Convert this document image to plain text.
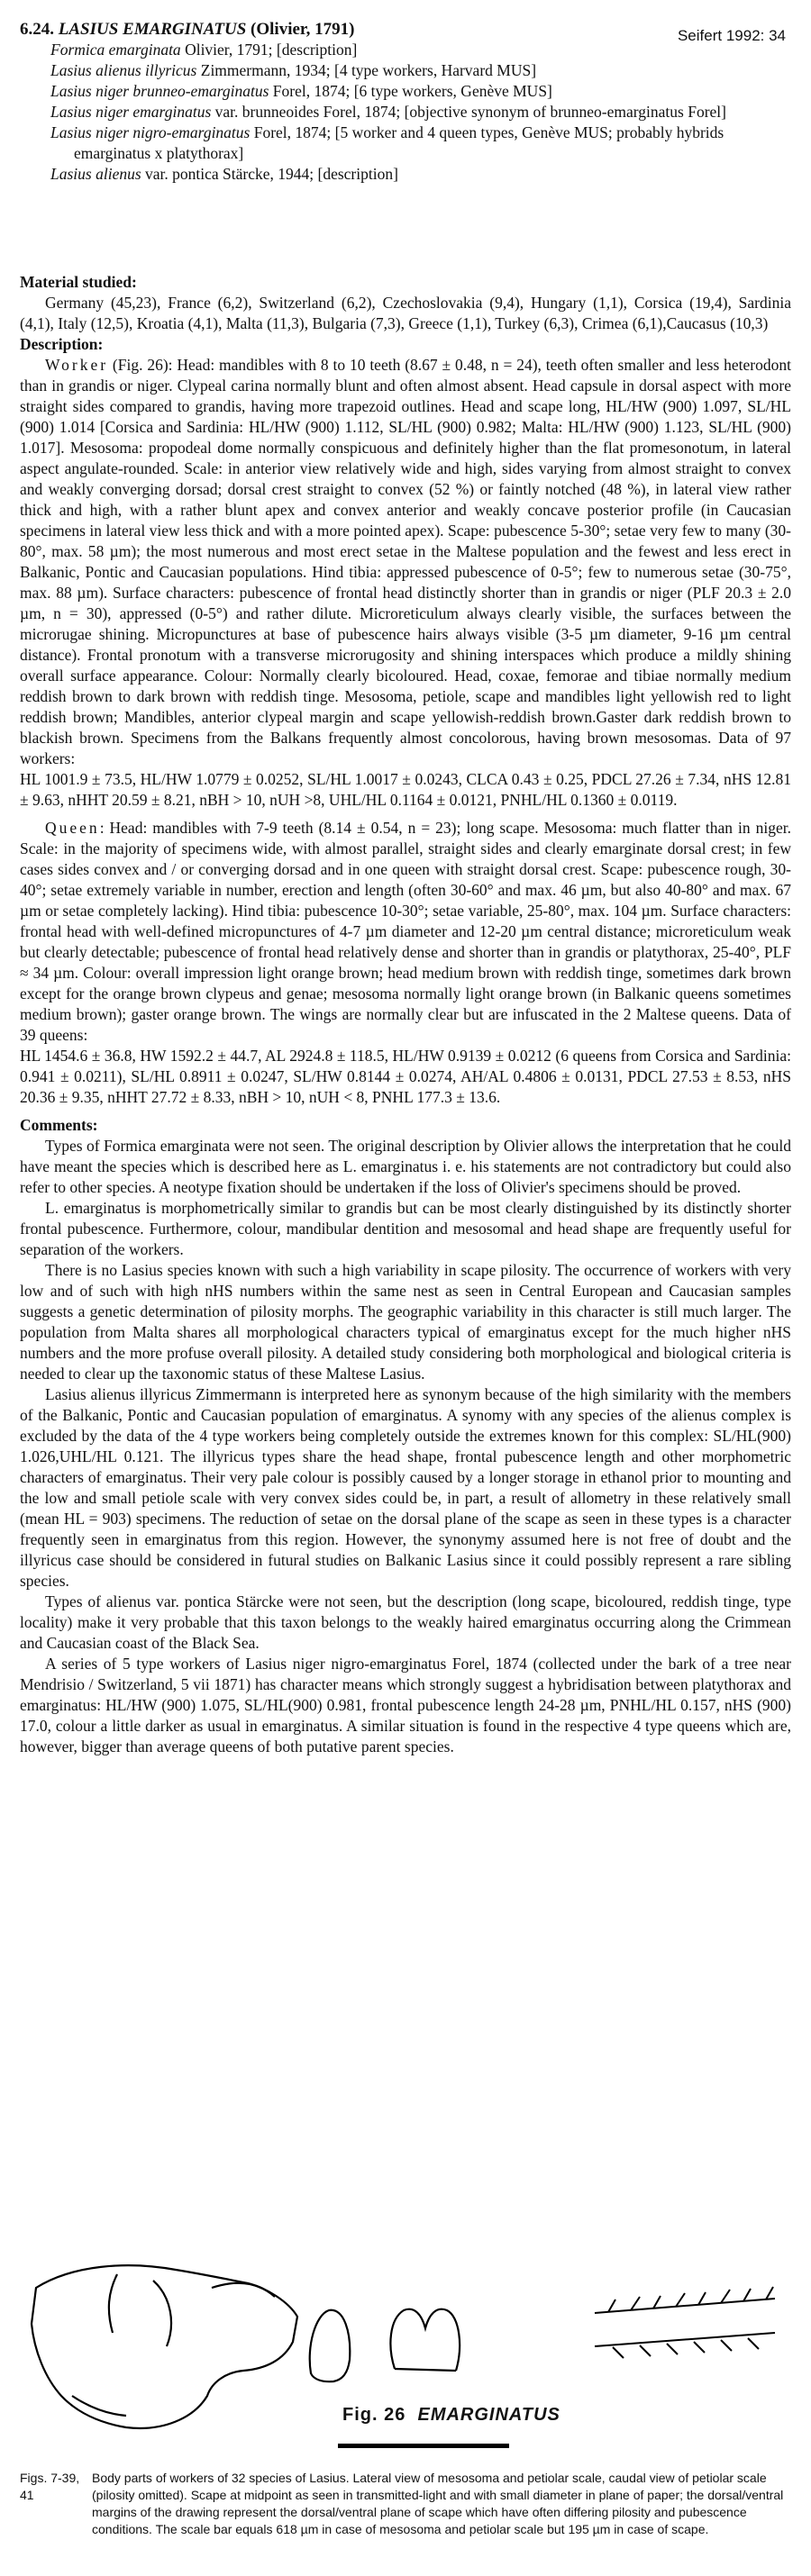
Seifert 1992: 34
6.24. LASIUS EMARGINATUS (Olivier, 1791)

Formica emarginata Olivier, 1791; [description]

Lasius alienus illyricus Zimmermann, 1934; [4 type workers, Harvard MUS]

Lasius niger brunneo-emarginatus Forel, 1874; [6 type workers, Genève MUS]

Lasius niger emarginatus var. brunneoides Forel, 1874; [objective synonym of brunneo-emarginatus Forel]

Lasius niger nigro-emarginatus Forel, 1874; [5 worker and 4 queen types, Genève MUS; probably hybrids emarginatus x platythorax]

Lasius alienus var. pontica Stärcke, 1944; [description]

Material studied:

Germany (45,23), France (6,2), Switzerland (6,2), Czechoslovakia (9,4), Hungary (1,1), Corsica (19,4), Sardinia (4,1), Italy (12,5), Kroatia (4,1), Malta (11,3), Bulgaria (7,3), Greece (1,1), Turkey (6,3), Crimea (6,1),Caucasus (10,3)

Description:

Worker (Fig. 26): Head: mandibles with 8 to 10 teeth (8.67 ± 0.48, n = 24), teeth often smaller and less heterodont than in grandis or niger. Clypeal carina normally blunt and often almost absent. Head capsule in dorsal aspect with more straight sides compared to grandis, having more trapezoid outlines. Head and scape long, HL/HW (900) 1.097, SL/HL (900) 1.014 [Corsica and Sardinia: HL/HW (900) 1.112, SL/HL (900) 0.982; Malta: HL/HW (900) 1.123, SL/HL (900) 1.017]. Mesosoma: propodeal dome normally conspicuous and definitely higher than the flat promesonotum, in lateral aspect angulate-rounded. Scale: in anterior view relatively wide and high, sides varying from almost straight to convex and weakly converging dorsad; dorsal crest straight to convex (52 %) or faintly notched (48 %), in lateral view rather thick and high, with a rather blunt apex and convex anterior and weakly concave posterior profile (in Caucasian specimens in lateral view less thick and with a more pointed apex). Scape: pubescence 5-30°; setae very few to many (30-80°, max. 58 µm); the most numerous and most erect setae in the Maltese population and the fewest and less erect in Balkanic, Pontic and Caucasian populations. Hind tibia: appressed pubescence of 0-5°; few to numerous setae (30-75°, max. 88 µm). Surface characters: pubescence of frontal head distinctly shorter than in grandis or niger (PLF 20.3 ± 2.0 µm, n = 30), appressed (0-5°) and rather dilute. Microreticulum always clearly visible, the surfaces between the microrugae shining. Micropunctures at base of pubescence hairs always visible (3-5 µm diameter, 9-16 µm central distance). Frontal pronotum with a transverse microrugosity and shining interspaces which produce a mildly shining overall surface appearance. Colour: Normally clearly bicoloured. Head, coxae, femorae and tibiae normally medium reddish brown to dark brown with reddish tinge. Mesosoma, petiole, scape and mandibles light yellowish red to light reddish brown; Mandibles, anterior clypeal margin and scape yellowish-reddish brown.Gaster dark reddish brown to blackish brown. Specimens from the Balkans frequently almost concolorous, having brown mesosomas. Data of 97 workers:

HL 1001.9 ± 73.5, HL/HW 1.0779 ± 0.0252, SL/HL 1.0017 ± 0.0243, CLCA 0.43 ± 0.25, PDCL 27.26 ± 7.34, nHS 12.81 ± 9.63, nHHT 20.59 ± 8.21, nBH > 10, nUH >8, UHL/HL 0.1164 ± 0.0121, PNHL/HL 0.1360 ± 0.0119.

Queen: Head: mandibles with 7-9 teeth (8.14 ± 0.54, n = 23); long scape. Mesosoma: much flatter than in niger. Scale: in the majority of specimens wide, with almost parallel, straight sides and clearly emarginate dorsal crest; in few cases sides convex and / or converging dorsad and in one queen with straight dorsal crest. Scape: pubescence rough, 30-40°; setae extremely variable in number, erection and length (often 30-60° and max. 46 µm, but also 40-80° and max. 67 µm or setae completely lacking). Hind tibia: pubescence 10-30°; setae variable, 25-80°, max. 104 µm. Surface characters: frontal head with well-defined micropunctures of 4-7 µm diameter and 12-20 µm central distance; microreticulum weak but clearly detectable; pubescence of frontal head relatively dense and shorter than in grandis or platythorax, 25-40°, PLF ≈ 34 µm. Colour: overall impression light orange brown; head medium brown with reddish tinge, sometimes dark brown except for the orange brown clypeus and genae; mesosoma normally light orange brown (in Balkanic queens sometimes medium brown); gaster orange brown. The wings are normally clear but are infuscated in the 2 Maltese queens. Data of 39 queens:

HL 1454.6 ± 36.8, HW 1592.2 ± 44.7, AL 2924.8 ± 118.5, HL/HW 0.9139 ± 0.0212 (6 queens from Corsica and Sardinia: 0.941 ± 0.0211), SL/HL 0.8911 ± 0.0247, SL/HW 0.8144 ± 0.0274, AH/AL 0.4806 ± 0.0131, PDCL 27.53 ± 8.53, nHS 20.36 ± 9.35, nHHT 27.72 ± 8.33, nBH > 10, nUH < 8, PNHL 177.3 ± 13.6.

Comments:

Types of Formica emarginata were not seen. The original description by Olivier allows the interpretation that he could have meant the species which is described here as L. emarginatus i. e. his statements are not contradictory but could also refer to other species. A neotype fixation should be undertaken if the loss of Olivier's specimens should be proved.

L. emarginatus is morphometrically similar to grandis but can be most clearly distinguished by its distinctly shorter frontal pubescence. Furthermore, colour, mandibular dentition and mesosomal and head shape are frequently useful for separation of the workers.

There is no Lasius species known with such a high variability in scape pilosity. The occurrence of workers with very low and of such with high nHS numbers within the same nest as seen in Central European and Caucasian samples suggests a genetic determination of pilosity morphs. The geographic variability in this character is still much larger. The population from Malta shares all morphological characters typical of emarginatus except for the much higher nHS numbers and the more profuse overall pilosity. A detailed study considering both morphological and biological criteria is needed to clear up the taxonomic status of these Maltese Lasius.

Lasius alienus illyricus Zimmermann is interpreted here as synonym because of the high similarity with the members of the Balkanic, Pontic and Caucasian population of emarginatus. A synomy with any species of the alienus complex is excluded by the data of the 4 type workers being completely outside the extremes known for this complex: SL/HL(900) 1.026,UHL/HL 0.121. The illyricus types share the head shape, frontal pubescence length and other morphometric characters of emarginatus. Their very pale colour is possibly caused by a longer storage in ethanol prior to mounting and the low and small petiole scale with very convex sides could be, in part, a result of allometry in these relatively small (mean HL = 903) specimens. The reduction of setae on the dorsal plane of the scape as seen in these types is a character frequently seen in emarginatus from this region. However, the synonymy assumed here is not free of doubt and the illyricus case should be considered in futural studies on Balkanic Lasius since it could possibly represent a rare sibling species.

Types of alienus var. pontica Stärcke were not seen, but the description (long scape, bicoloured, reddish tinge, type locality) make it very probable that this taxon belongs to the weakly haired emarginatus occurring along the Crimmean and Caucasian coast of the Black Sea.

A series of 5 type workers of Lasius niger nigro-emarginatus Forel, 1874 (collected under the bark of a tree near Mendrisio / Switzerland, 5 vii 1871) has character means which strongly suggest a hybridisation between platythorax and emarginatus: HL/HW (900) 1.075, SL/HL(900) 0.981, frontal pubescence length 24-28 µm, PNHL/HL 0.157, nHS (900) 17.0, colour a little darker as usual in emarginatus. A similar situation is found in the respective 4 type queens which are, however, bigger than average queens of both putative parent species.

Fig. 26 EMARGINATUS
Figs. 7-39, 41
Body parts of workers of 32 species of Lasius. Lateral view of mesosoma and petiolar scale, caudal view of petiolar scale (pilosity omitted). Scape at midpoint as seen in transmitted-light and with small diameter in plane of paper; the dorsal/ventral margins of the drawing represent the dorsal/ventral plane of scape which have often differing pilosity and pubescence conditions. The scale bar equals 618 µm in case of mesosoma and petiolar scale but 195 µm in case of scape.
